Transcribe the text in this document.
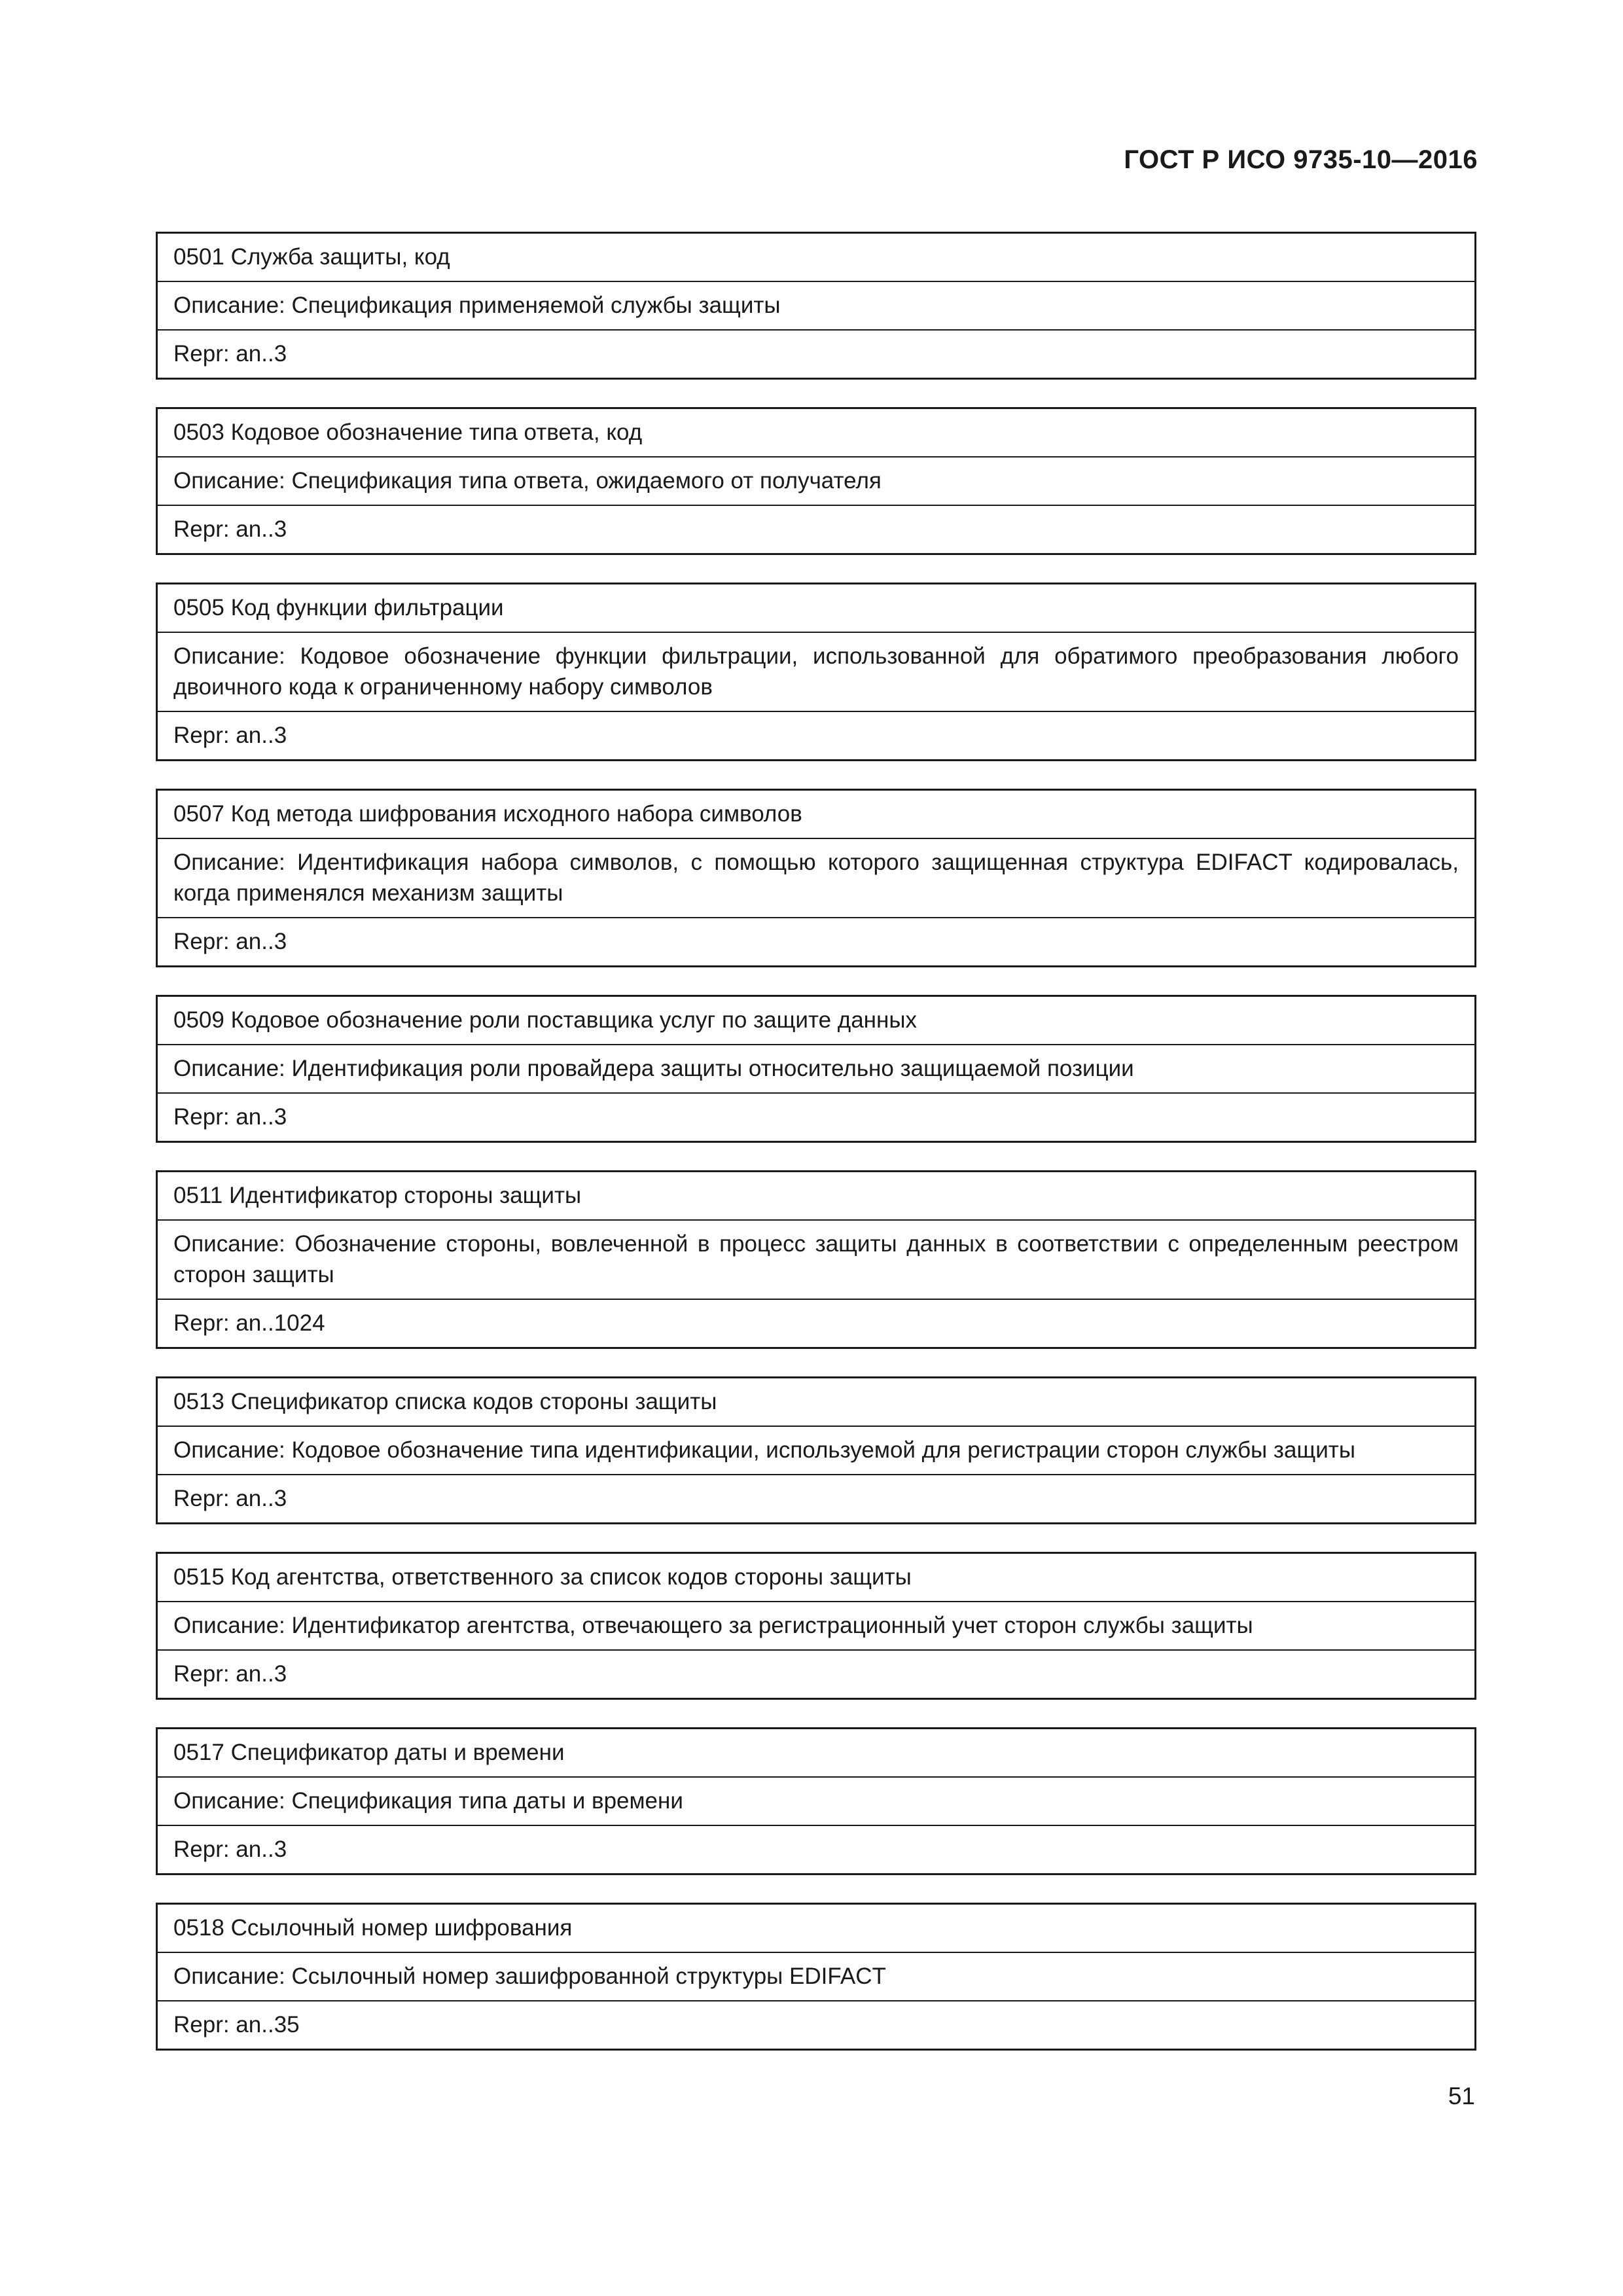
ГОСТ Р ИСО 9735-10—2016
0501 Служба защиты, код
Описание: Спецификация применяемой службы защиты
Repr: an..3
0503 Кодовое обозначение типа ответа, код
Описание: Спецификация типа ответа, ожидаемого от получателя
Repr: an..3
0505 Код функции фильтрации
Описание: Кодовое обозначение функции фильтрации, использованной для обратимого преобразования любого двоичного кода к ограниченному набору символов
Repr: an..3
0507 Код метода шифрования исходного набора символов
Описание: Идентификация набора символов, с помощью которого защищенная структура EDIFACT кодировалась, когда применялся механизм защиты
Repr: an..3
0509 Кодовое обозначение роли поставщика услуг по защите данных
Описание: Идентификация роли провайдера защиты относительно защищаемой позиции
Repr: an..3
0511 Идентификатор стороны защиты
Описание: Обозначение стороны, вовлеченной в процесс защиты данных в соответствии с определенным реестром сторон защиты
Repr: an..1024
0513 Спецификатор списка кодов стороны защиты
Описание: Кодовое обозначение типа идентификации, используемой для регистрации сторон службы защиты
Repr: an..3
0515 Код агентства, ответственного за список кодов стороны защиты
Описание: Идентификатор агентства, отвечающего за регистрационный учет сторон службы защиты
Repr: an..3
0517 Спецификатор даты и времени
Описание: Спецификация типа даты и времени
Repr: an..3
0518 Ссылочный номер шифрования
Описание: Ссылочный номер зашифрованной структуры EDIFACT
Repr: an..35
51
